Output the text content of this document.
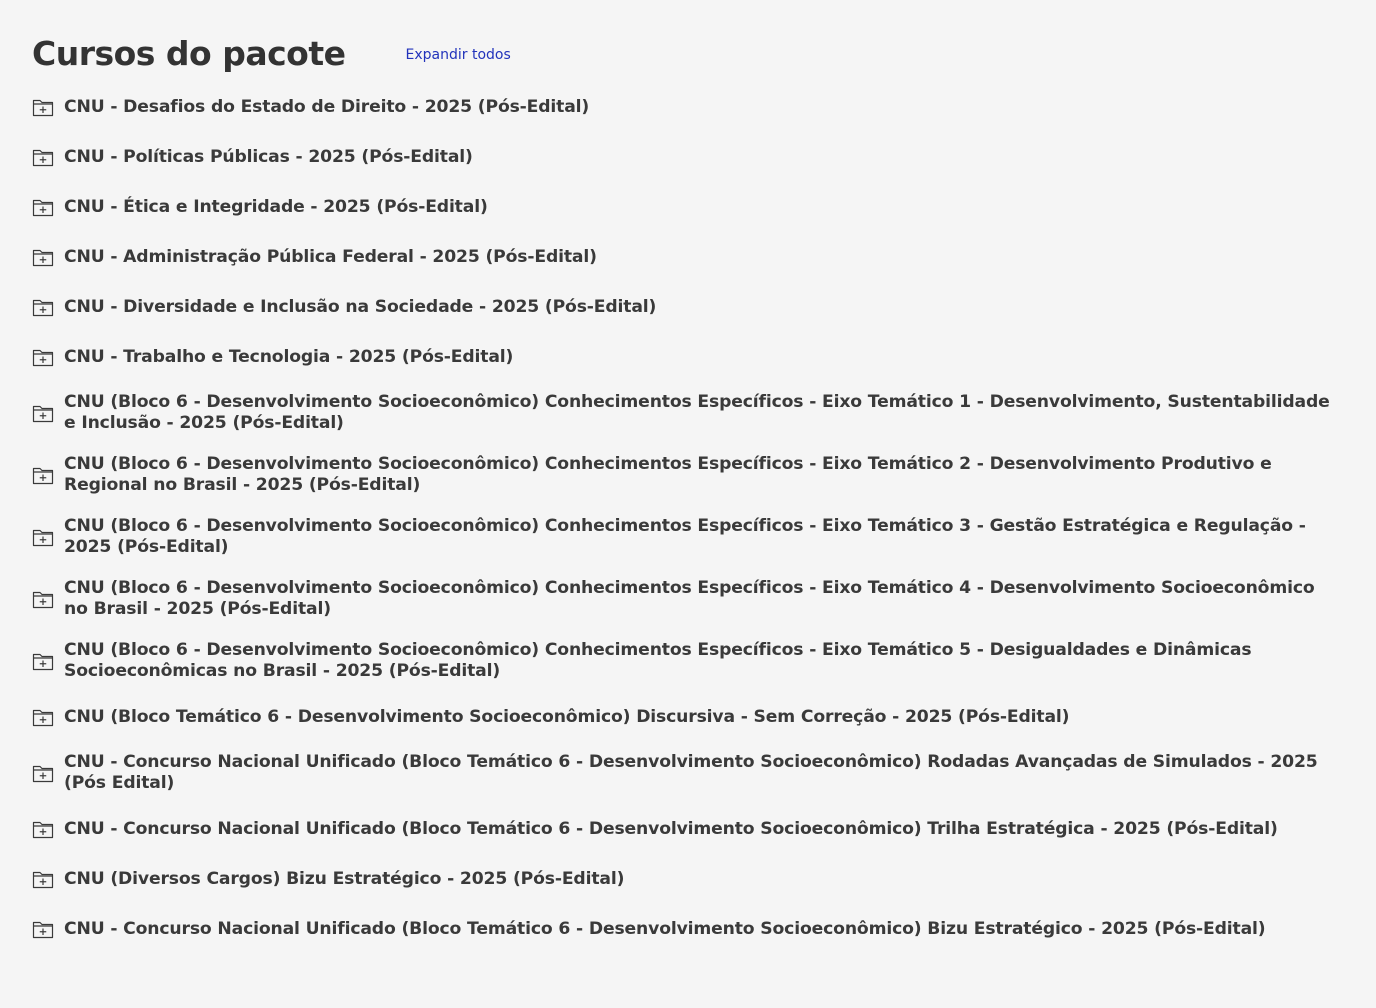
Cursos do pacote	Expandir todos
CNU - Desafios do Estado de Direito - 2025 (Pós-Edital)
CNU - Políticas Públicas - 2025 (Pós-Edital)
CNU - Ética e Integridade - 2025 (Pós-Edital)
CNU - Administração Pública Federal - 2025 (Pós-Edital)
CNU - Diversidade e Inclusão na Sociedade - 2025 (Pós-Edital)
CNU - Trabalho e Tecnologia - 2025 (Pós-Edital)
CNU (Bloco 6 - Desenvolvimento Socioeconômico) Conhecimentos Específicos - Eixo Temático 1 - Desenvolvimento, Sustentabilidade e Inclusão - 2025 (Pós-Edital)
CNU (Bloco 6 - Desenvolvimento Socioeconômico) Conhecimentos Específicos - Eixo Temático 2 - Desenvolvimento Produtivo e Regional no Brasil - 2025 (Pós-Edital)
CNU (Bloco 6 - Desenvolvimento Socioeconômico) Conhecimentos Específicos - Eixo Temático 3 - Gestão Estratégica e Regulação - 2025 (Pós-Edital)
CNU (Bloco 6 - Desenvolvimento Socioeconômico) Conhecimentos Específicos - Eixo Temático 4 - Desenvolvimento Socioeconômico no Brasil - 2025 (Pós-Edital)
CNU (Bloco 6 - Desenvolvimento Socioeconômico) Conhecimentos Específicos - Eixo Temático 5 - Desigualdades e Dinâmicas Socioeconômicas no Brasil - 2025 (Pós-Edital)
CNU (Bloco Temático 6 - Desenvolvimento Socioeconômico) Discursiva - Sem Correção - 2025 (Pós-Edital)
CNU - Concurso Nacional Unificado (Bloco Temático 6 - Desenvolvimento Socioeconômico) Rodadas Avançadas de Simulados - 2025 (Pós Edital)
CNU - Concurso Nacional Unificado (Bloco Temático 6 - Desenvolvimento Socioeconômico) Trilha Estratégica - 2025 (Pós-Edital)
CNU (Diversos Cargos) Bizu Estratégico - 2025 (Pós-Edital)
CNU - Concurso Nacional Unificado (Bloco Temático 6 - Desenvolvimento Socioeconômico) Bizu Estratégico - 2025 (Pós-Edital)
